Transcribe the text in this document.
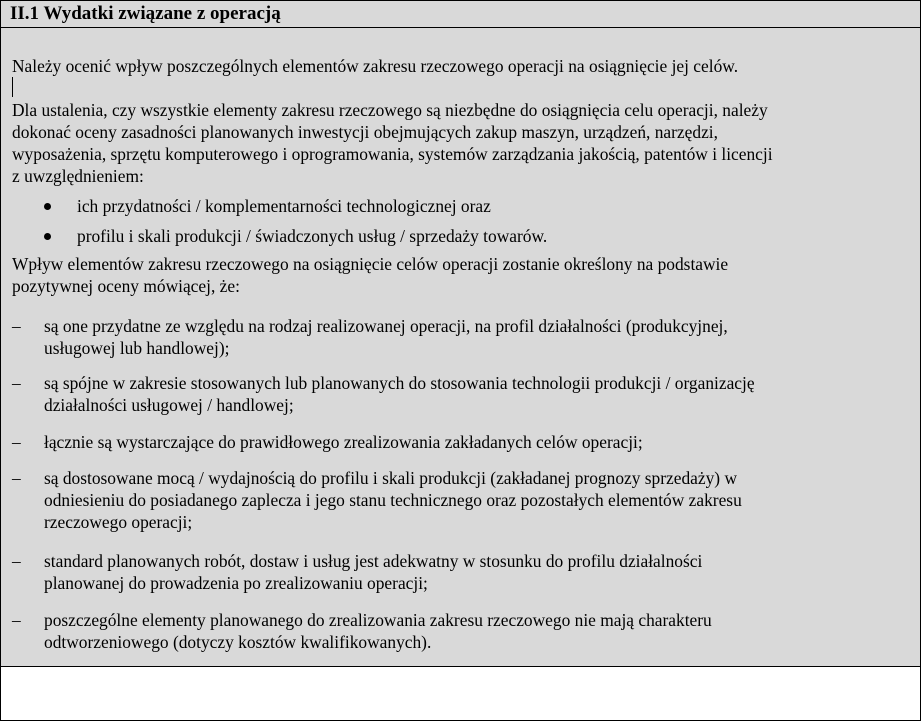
II.1 Wydatki związane z operacją
Należy ocenić wpływ poszczególnych elementów zakresu rzeczowego operacji na osiągnięcie jej celów.
Dla ustalenia, czy wszystkie elementy zakresu rzeczowego są niezbędne do osiągnięcia celu operacji, należy
dokonać oceny zasadności planowanych inwestycji obejmujących zakup maszyn, urządzeń, narzędzi,
wyposażenia, sprzętu komputerowego i oprogramowania, systemów zarządzania jakością, patentów i licencji
z uwzględnieniem:
ich przydatności / komplementarności technologicznej oraz
profilu i skali produkcji / świadczonych usług / sprzedaży towarów.
Wpływ elementów zakresu rzeczowego na osiągnięcie celów operacji zostanie określony na podstawie
pozytywnej oceny mówiącej, że:
– są one przydatne ze względu na rodzaj realizowanej operacji, na profil działalności (produkcyjnej,
usługowej lub handlowej);
– są spójne w zakresie stosowanych lub planowanych do stosowania technologii produkcji / organizację
działalności usługowej / handlowej;
– łącznie są wystarczające do prawidłowego zrealizowania zakładanych celów operacji;
– są dostosowane mocą / wydajnością do profilu i skali produkcji (zakładanej prognozy sprzedaży) w
odniesieniu do posiadanego zaplecza i jego stanu technicznego oraz pozostałych elementów zakresu
rzeczowego operacji;
– standard planowanych robót, dostaw i usług jest adekwatny w stosunku do profilu działalności
planowanej do prowadzenia po zrealizowaniu operacji;
– poszczególne elementy planowanego do zrealizowania zakresu rzeczowego nie mają charakteru
odtworzeniowego (dotyczy kosztów kwalifikowanych).
